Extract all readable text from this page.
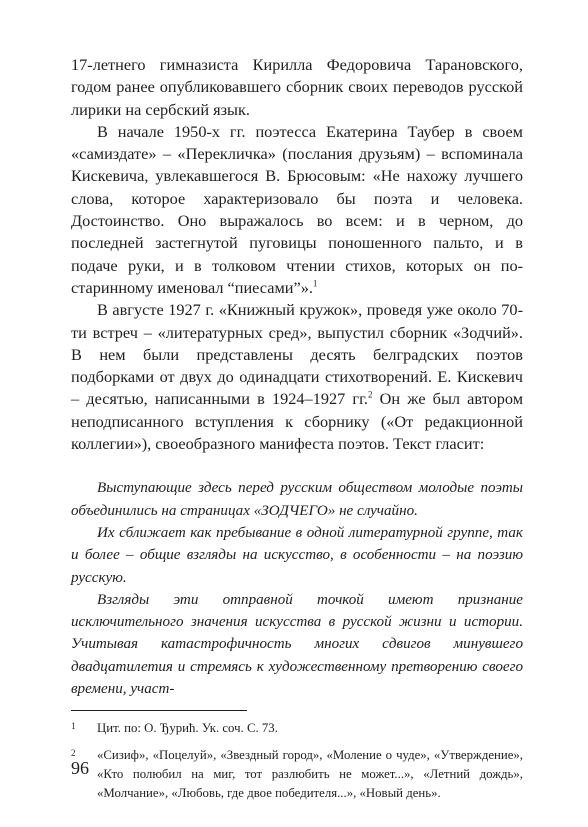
17-летнего гимназиста Кирилла Федоровича Тарановского, годом ранее опубликовавшего сборник своих переводов русской лирики на сербский язык.

В начале 1950-х гг. поэтесса Екатерина Таубер в своем «самиздате» – «Перекличка» (послания друзьям) – вспоминала Кискевича, увлекавшегося В. Брюсовым: «Не нахожу лучшего слова, которое характеризовало бы поэта и человека. Достоинство. Оно выражалось во всем: и в черном, до последней застегнутой пуговицы поношенного пальто, и в подаче руки, и в толковом чтении стихов, которых он по-старинному именовал “пиесами”».$^1$

В августе 1927 г. «Книжный кружок», проведя уже около 70-ти встреч – «литературных сред», выпустил сборник «Зодчий». В нем были представлены десять белградских поэтов подборками от двух до одинадцати стихотворений. Е. Кискевич – десятью, написанными в 1924–1927 гг.$^2$ Он же был автором неподписанного вступления к сборнику («От редакционной коллегии»), своеобразного манифеста поэтов. Текст гласит:

Выступающие здесь перед русским обществом молодые поэты объединились на страницах «ЗОДЧЕГО» не случайно.

Их сближает как пребывание в одной литературной группе, так и более – общие взгляды на искусство, в особенности – на поэзию русскую.

Взгляды эти отправной точкой имеют признание исключительного значения искусства в русской жизни и истории. Учитывая катастрофичность многих сдвигов минувшего двадцатилетия и стремясь к художественному претворению своего времени, участ-

1	Цит. по: О. Ђурић. Ук. соч. С. 73.
2	«Сизиф», «Поцелуй», «Звездный город», «Моление о чуде», «Утверждение», «Кто полюбил на миг, тот разлюбить не может...», «Летний дождь», «Молчание», «Любовь, где двое победителя...», «Новый день».
96
